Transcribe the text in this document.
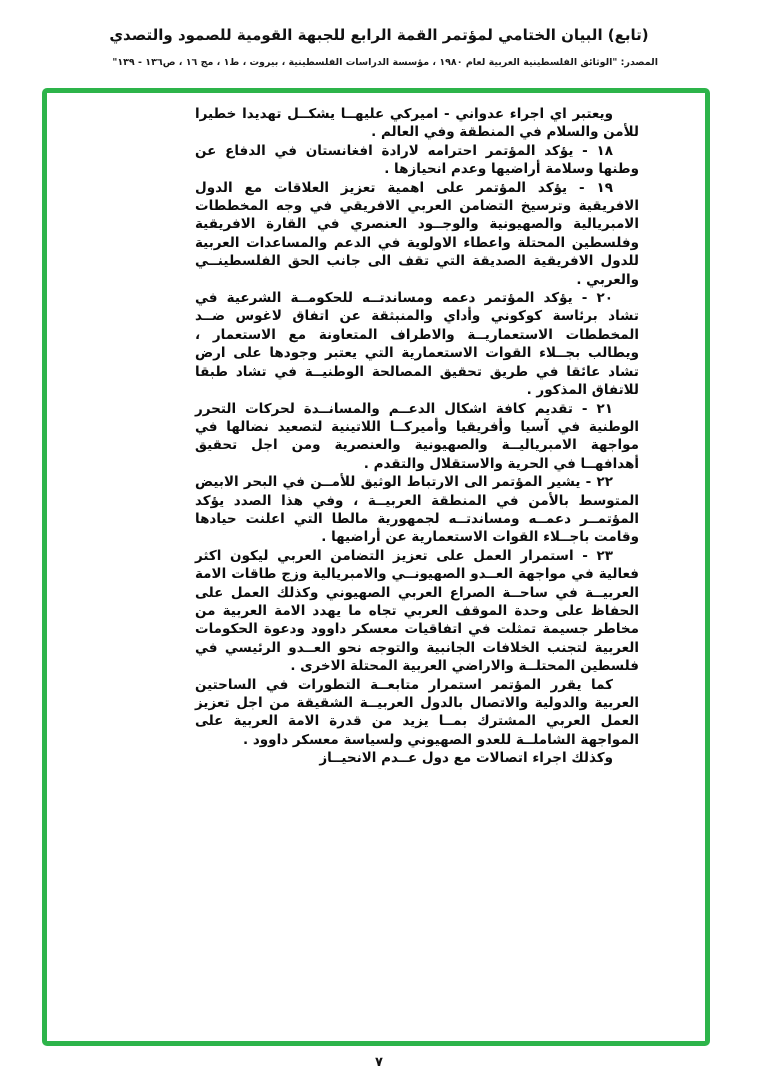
(تابع) البيان الختامي لمؤتمر القمة الرابع للجبهة القومية للصمود والتصدي
المصدر: "الوثائق الفلسطينية العربية لعام ١٩٨٠ ، مؤسسة الدراسات الفلسطينية ، بيروت ، ط١ ، مج ١٦ ، ص١٣٦ - ١٣٩"

ويعتبر اي اجراء عدواني - اميركي عليهــا يشكــل تهديدا خطيرا للأمن والسلام في المنطقة وفي العالم .

١٨ - يؤكد المؤتمر احترامه لارادة افغانستان في الدفاع عن وطنها وسلامة أراضيها وعدم انحيازها .

١٩ - يؤكد المؤتمر على اهمية تعزيز العلاقات مع الدول الافريقية وترسيخ التضامن العربي الافريقي في وجه المخططات الامبريالية والصهيونية والوجــود العنصري في القارة الافريقية وفلسطين المحتلة واعطاء الاولوية في الدعم والمساعدات العربية للدول الافريقية الصديقة التي تقف الى جانب الحق الفلسطينــي والعربي .

٢٠ - يؤكد المؤتمر دعمه ومساندتــه للحكومــة الشرعية في تشاد برئاسة كوكوني وأداي والمنبثقة عن اتفاق لاغوس ضــد المخططات الاستعماريــة والاطراف المتعاونة مع الاستعمار ، ويطالب بجــلاء القوات الاستعمارية التي يعتبر وجودها على ارض تشاد عائقا في طريق تحقيق المصالحة الوطنيــة في تشاد طبقا للاتفاق المذكور .

٢١ - تقديم كافة اشكال الدعــم والمسانــدة لحركات التحرر الوطنية في آسيا وأفريقيا وأميركــا اللاتينية لتصعيد نضالها في مواجهة الامبرياليــة والصهيونية والعنصرية ومن اجل تحقيق أهدافهــا في الحرية والاستقلال والتقدم .

٢٢ - يشير المؤتمر الى الارتباط الوثيق للأمــن في البحر الابيض المتوسط بالأمن في المنطقة العربيــة ، وفي هذا الصدد يؤكد المؤتمــر دعمــه ومساندتــه لجمهورية مالطا التي اعلنت حيادها وقامت باجــلاء القوات الاستعمارية عن أراضيها .

٢٣ - استمرار العمل على تعزيز التضامن العربي ليكون اكثر فعالية في مواجهة العــدو الصهيونــي والامبريالية وزج طاقات الامة العربيــة في ساحــة الصراع العربي الصهيوني وكذلك العمل على الحفاظ على وحدة الموقف العربي تجاه ما يهدد الامة العربية من مخاطر جسيمة تمثلت في اتفاقيات معسكر داوود ودعوة الحكومات العربية لتجنب الخلافات الجانبية والتوجه نحو العــدو الرئيسي في فلسطين المحتلــة والاراضي العربية المحتلة الاخرى .

كما يقرر المؤتمر استمرار متابعــة التطورات في الساحتين العربية والدولية والاتصال بالدول العربيــة الشقيقة من اجل تعزيز العمل العربي المشترك بمــا يزيد من قدرة الامة العربية على المواجهة الشاملــة للعدو الصهيوني ولسياسة معسكر داوود .

وكذلك اجراء اتصالات مع دول عــدم الانحيــاز

٧
